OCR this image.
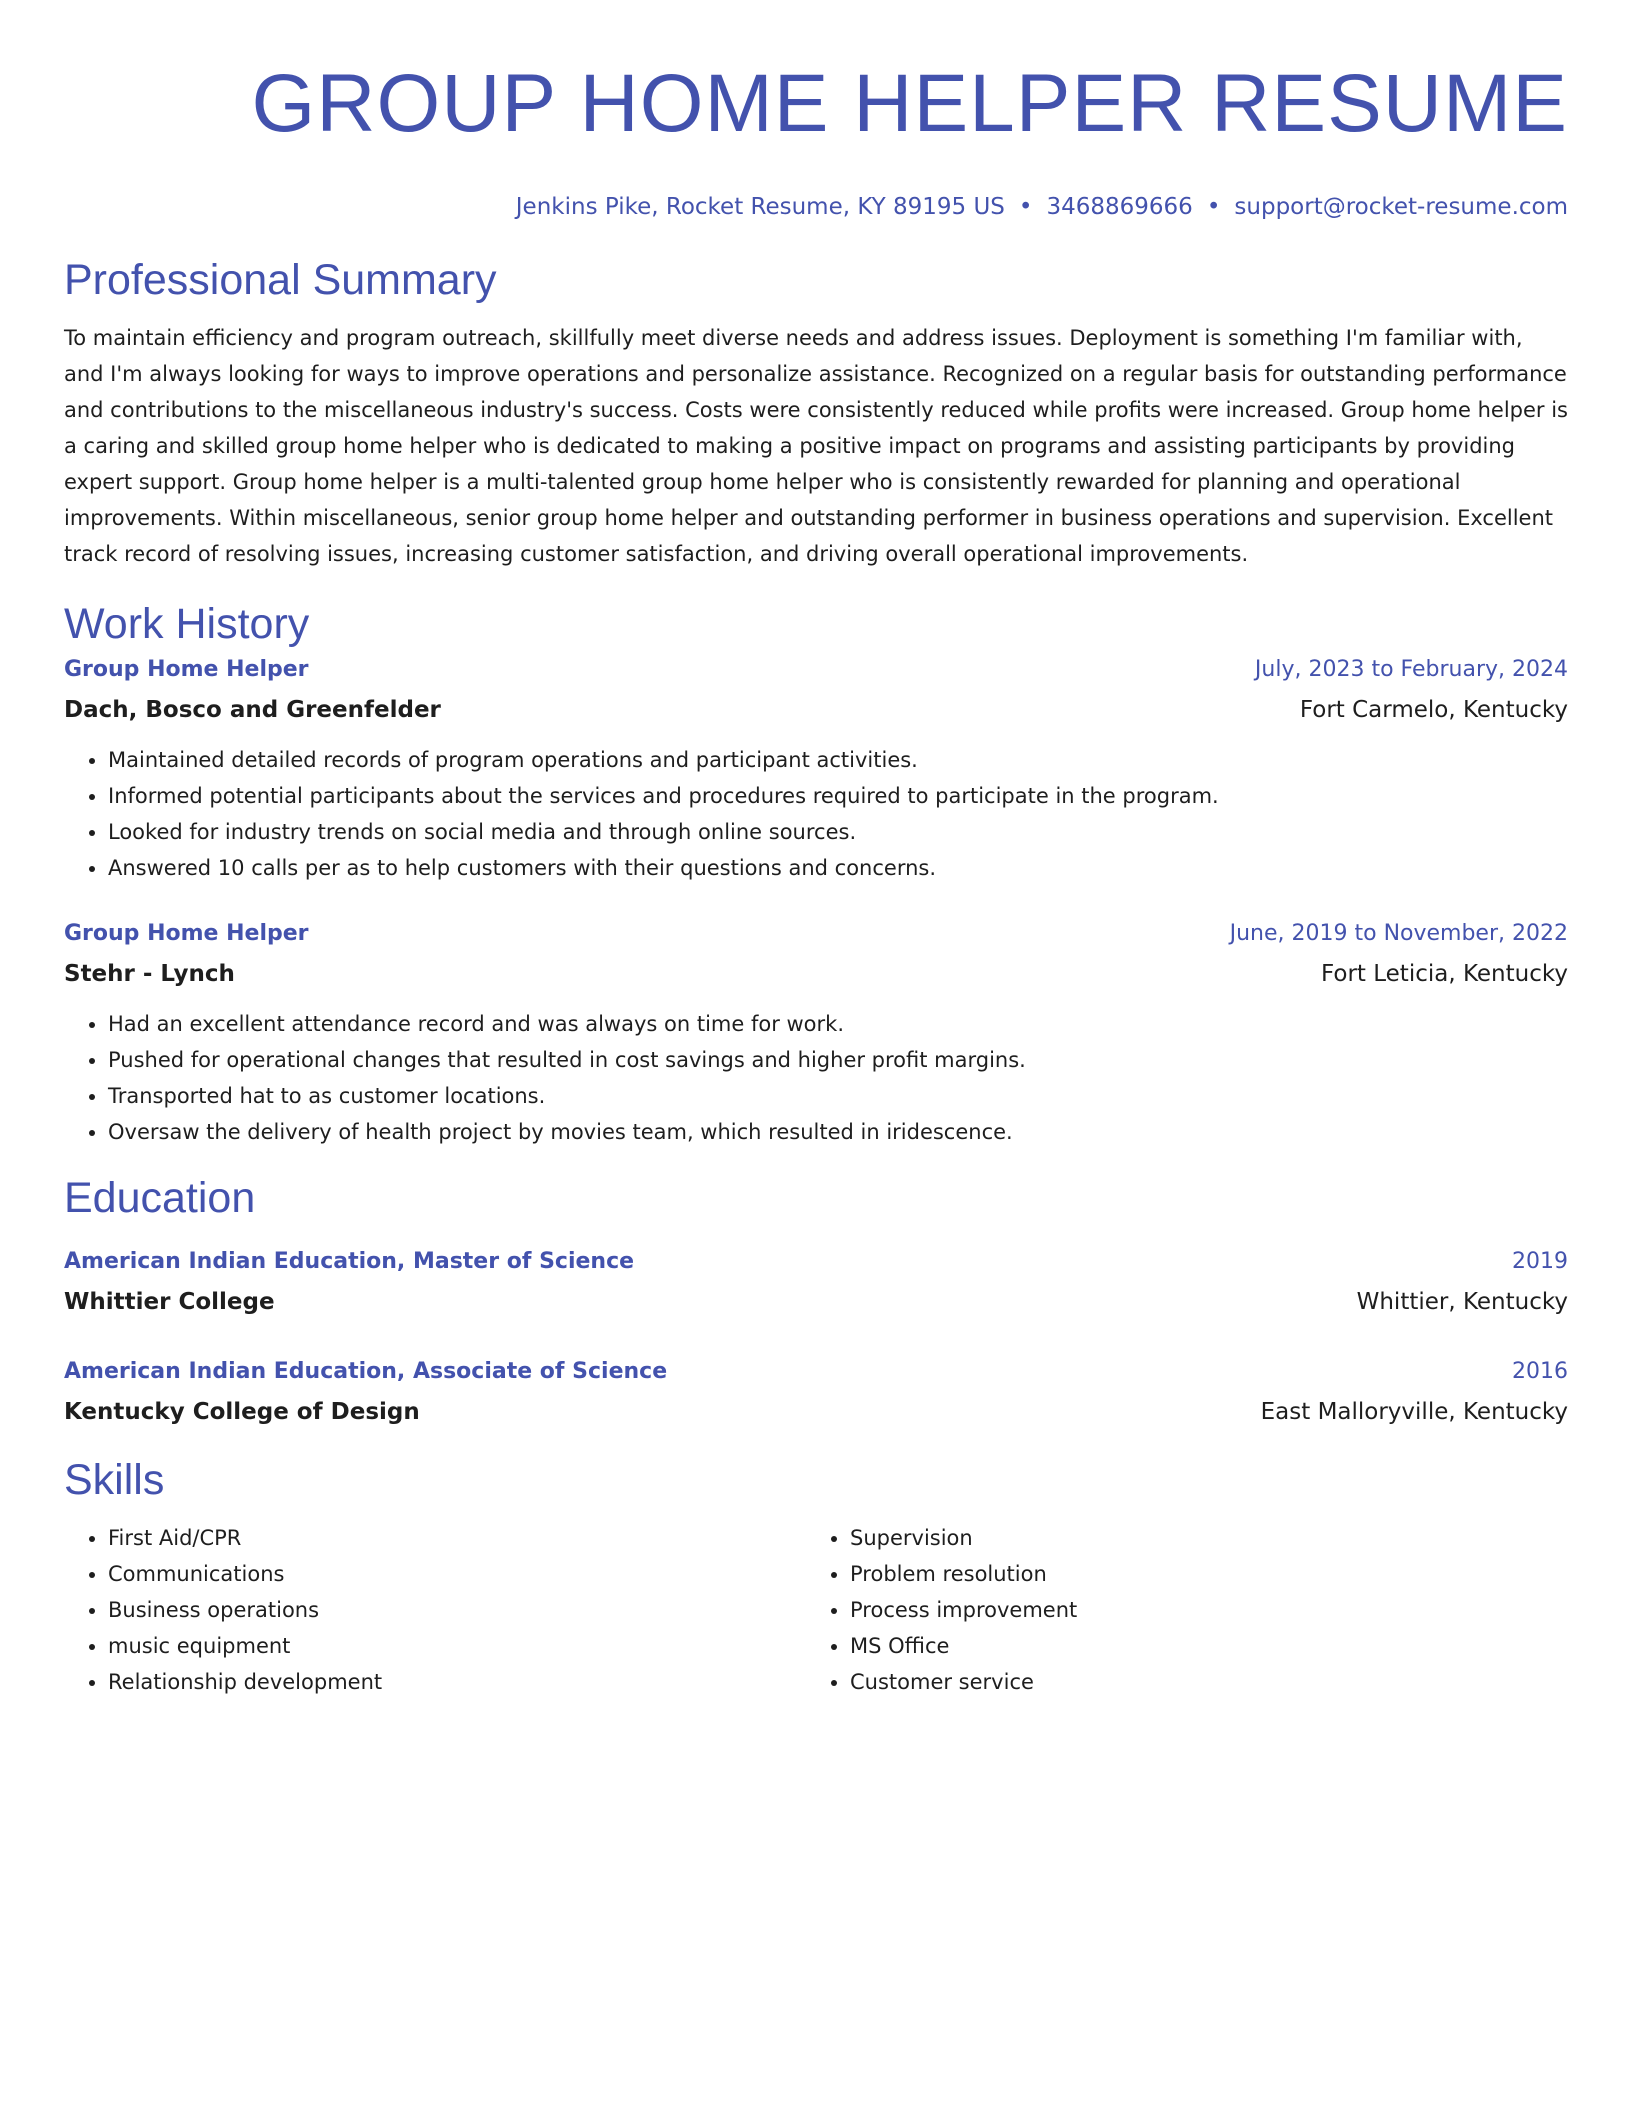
GROUP HOME HELPER RESUME
Jenkins Pike, Rocket Resume, KY 89195 US • 3468869666 • support@rocket-resume.com
Professional Summary

To maintain efficiency and program outreach, skillfully meet diverse needs and address issues. Deployment is something I'm familiar with, and I'm always looking for ways to improve operations and personalize assistance. Recognized on a regular basis for outstanding performance and contributions to the miscellaneous industry's success. Costs were consistently reduced while profits were increased. Group home helper is a caring and skilled group home helper who is dedicated to making a positive impact on programs and assisting participants by providing expert support. Group home helper is a multi-talented group home helper who is consistently rewarded for planning and operational improvements. Within miscellaneous, senior group home helper and outstanding performer in business operations and supervision. Excellent track record of resolving issues, increasing customer satisfaction, and driving overall operational improvements.

Work History
Group Home Helper	July, 2023 to February, 2024
Dach, Bosco and Greenfelder	Fort Carmelo, Kentucky
• Maintained detailed records of program operations and participant activities.
• Informed potential participants about the services and procedures required to participate in the program.
• Looked for industry trends on social media and through online sources.
• Answered 10 calls per as to help customers with their questions and concerns.
Group Home Helper	June, 2019 to November, 2022
Stehr - Lynch	Fort Leticia, Kentucky
• Had an excellent attendance record and was always on time for work.
• Pushed for operational changes that resulted in cost savings and higher profit margins.
• Transported hat to as customer locations.
• Oversaw the delivery of health project by movies team, which resulted in iridescence.
Education
American Indian Education, Master of Science	2019
Whittier College	Whittier, Kentucky
American Indian Education, Associate of Science	2016
Kentucky College of Design	East Malloryville, Kentucky
Skills
• First Aid/CPR
• Communications
• Business operations
• music equipment
• Relationship development
• Supervision
• Problem resolution
• Process improvement
• MS Office
• Customer service
